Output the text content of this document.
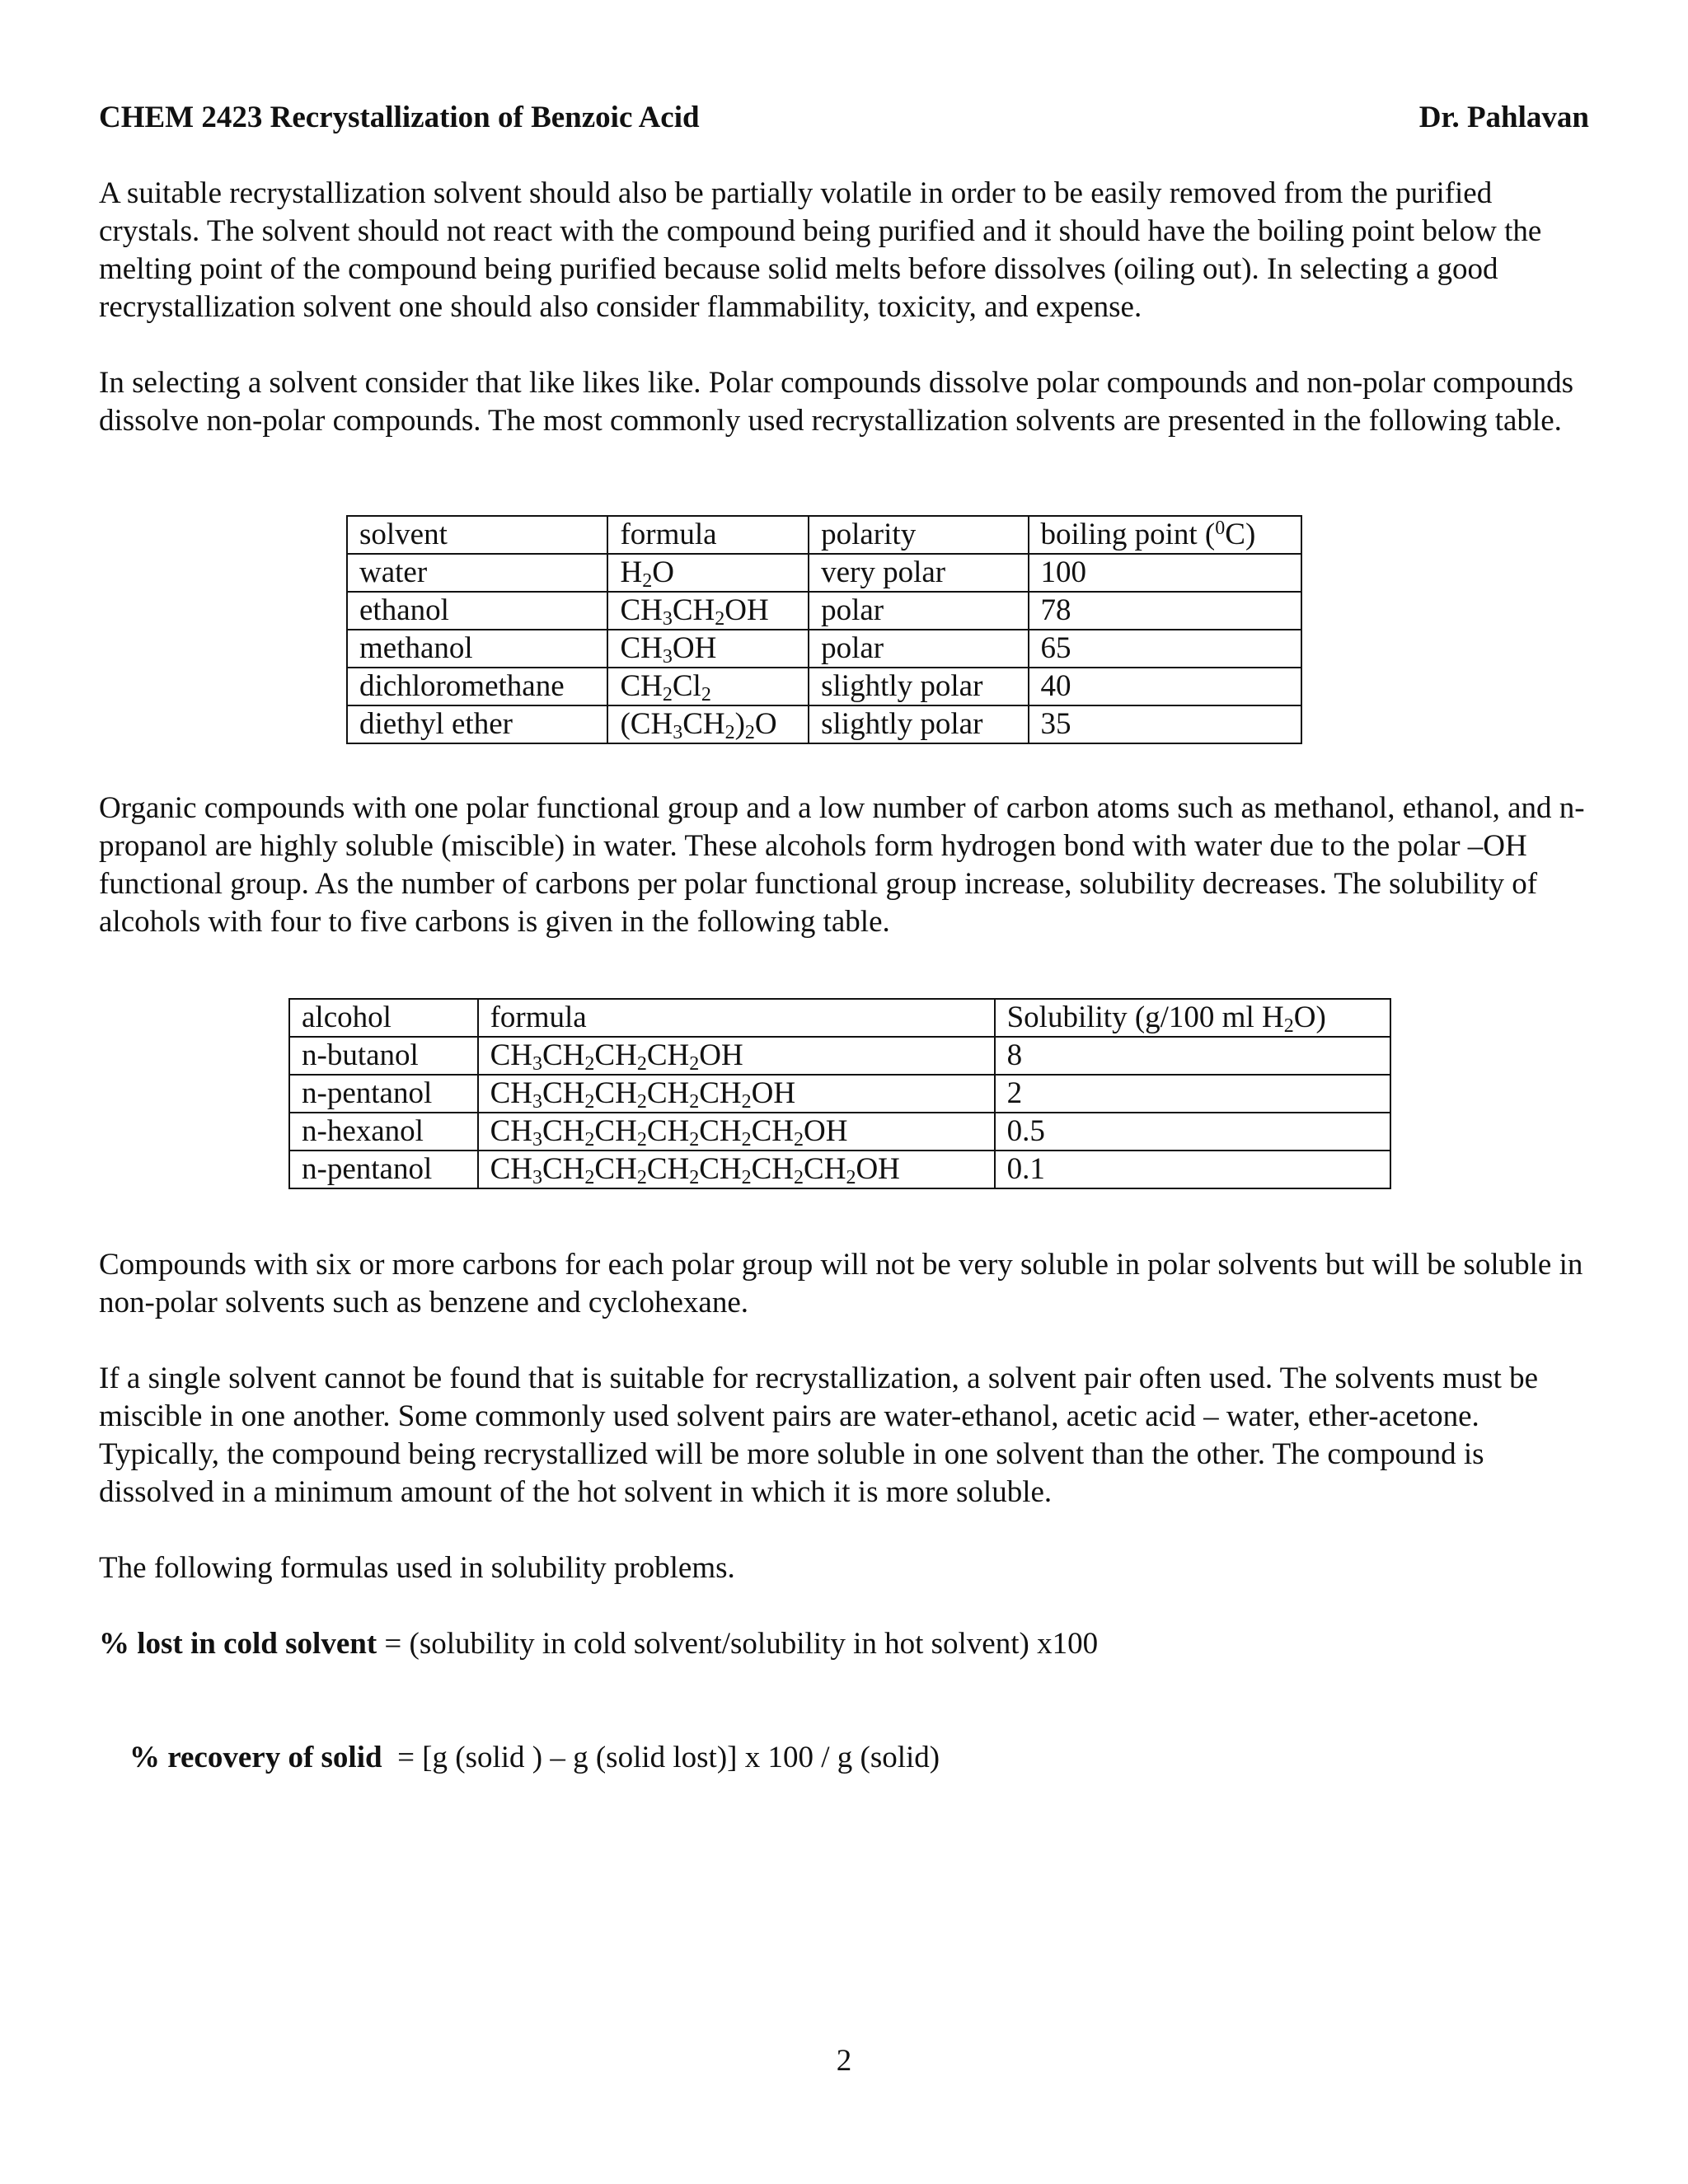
CHEM 2423 Recrystallization of Benzoic Acid	Dr. Pahlavan

A suitable recrystallization solvent should also be partially volatile in order to be easily removed from the purified crystals. The solvent should not react with the compound being purified and it should have the boiling point below the melting point of the compound being purified because solid melts before dissolves (oiling out). In selecting a good recrystallization solvent one should also consider flammability, toxicity, and expense.

In selecting a solvent consider that like likes like. Polar compounds dissolve polar compounds and non-polar compounds dissolve non-polar compounds. The most commonly used recrystallization solvents are presented in the following table.

solvent	formula	polarity	boiling point ($^0$C)
water	$H_2O$	very polar	100
ethanol	$CH_3CH_2OH$	polar	78
methanol	$CH_3OH$	polar	65
dichloromethane	$CH_2Cl_2$	slightly polar	40
diethyl ether	$(CH_3CH_2)_2O$	slightly polar	35

Organic compounds with one polar functional group and a low number of carbon atoms such as methanol, ethanol, and n-propanol are highly soluble (miscible) in water. These alcohols form hydrogen bond with water due to the polar –OH functional group. As the number of carbons per polar functional group increase, solubility decreases. The solubility of alcohols with four to five carbons is given in the following table.

alcohol	formula	Solubility (g/100 ml $H_2O$)
n-butanol	$CH_3CH_2CH_2CH_2OH$	8
n-pentanol	$CH_3CH_2CH_2CH_2CH_2OH$	2
n-hexanol	$CH_3CH_2CH_2CH_2CH_2CH_2OH$	0.5
n-pentanol	$CH_3CH_2CH_2CH_2CH_2CH_2CH_2OH$	0.1

Compounds with six or more carbons for each polar group will not be very soluble in polar solvents but will be soluble in non-polar solvents such as benzene and cyclohexane.

If a single solvent cannot be found that is suitable for recrystallization, a solvent pair often used. The solvents must be miscible in one another. Some commonly used solvent pairs are water-ethanol, acetic acid – water, ether-acetone. Typically, the compound being recrystallized will be more soluble in one solvent than the other. The compound is dissolved in a minimum amount of the hot solvent in which it is more soluble.

The following formulas used in solubility problems.

% lost in cold solvent = (solubility in cold solvent/solubility in hot solvent) x100

% recovery of solid  = [g (solid ) – g (solid lost)] x 100 / g (solid)

2
